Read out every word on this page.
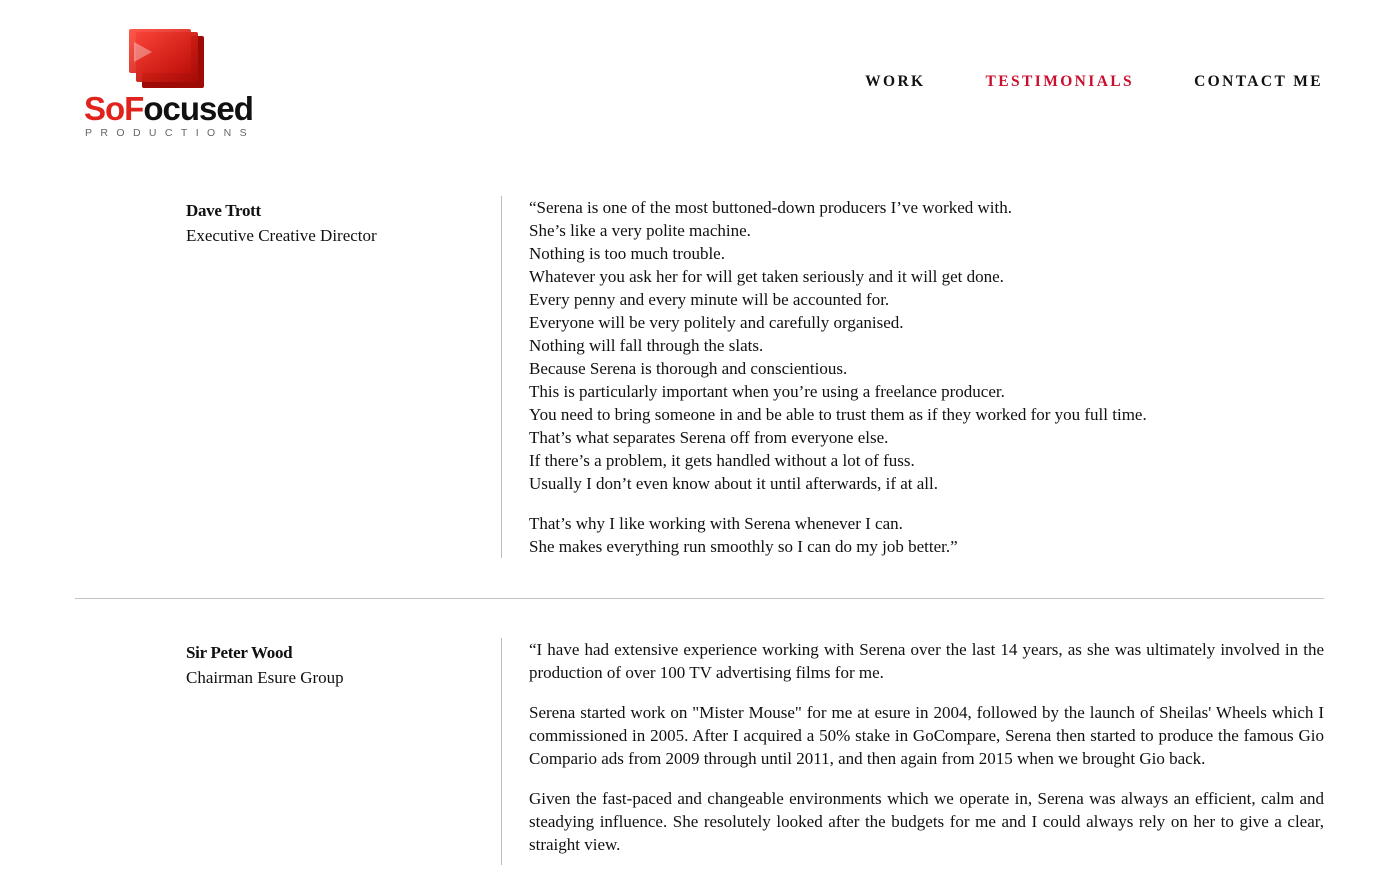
SoFocused
PRODUCTIONS
WORK	TESTIMONIALS	CONTACT ME
Dave Trott
Executive Creative Director

“Serena is one of the most buttoned-down producers I’ve worked with.
She’s like a very polite machine.
Nothing is too much trouble.
Whatever you ask her for will get taken seriously and it will get done.
Every penny and every minute will be accounted for.
Everyone will be very politely and carefully organised.
Nothing will fall through the slats.
Because Serena is thorough and conscientious.
This is particularly important when you’re using a freelance producer.
You need to bring someone in and be able to trust them as if they worked for you full time.
That’s what separates Serena off from everyone else.
If there’s a problem, it gets handled without a lot of fuss.
Usually I don’t even know about it until afterwards, if at all.

That’s why I like working with Serena whenever I can.
She makes everything run smoothly so I can do my job better.”

Sir Peter Wood
Chairman Esure Group

“I have had extensive experience working with Serena over the last 14 years, as she was ultimately involved in the production of over 100 TV advertising films for me.

Serena started work on "Mister Mouse" for me at esure in 2004, followed by the launch of Sheilas' Wheels which I commissioned in 2005. After I acquired a 50% stake in GoCompare, Serena then started to produce the famous Gio Compario ads from 2009 through until 2011, and then again from 2015 when we brought Gio back.

Given the fast-paced and changeable environments which we operate in, Serena was always an efficient, calm and steadying influence. She resolutely looked after the budgets for me and I could always rely on her to give a clear, straight view.
